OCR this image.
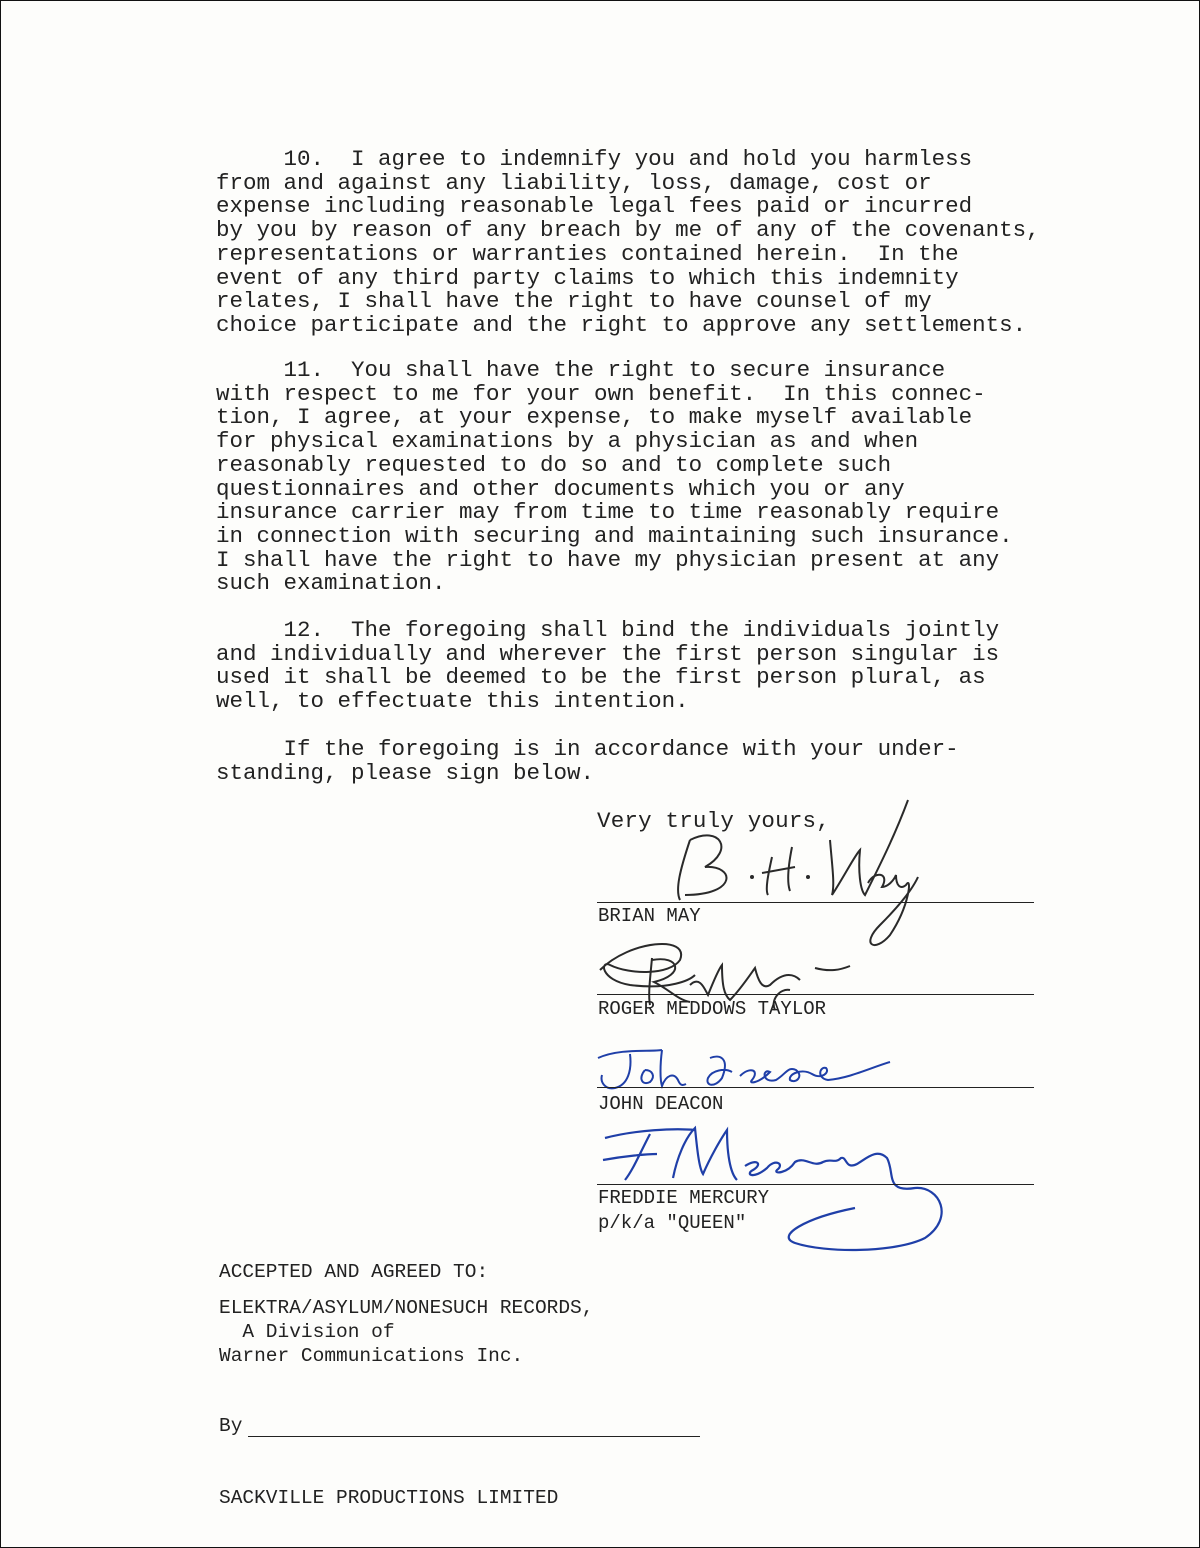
10.  I agree to indemnify you and hold you harmless
from and against any liability, loss, damage, cost or
expense including reasonable legal fees paid or incurred
by you by reason of any breach by me of any of the covenants,
representations or warranties contained herein.  In the
event of any third party claims to which this indemnity
relates, I shall have the right to have counsel of my
choice participate and the right to approve any settlements.
11.  You shall have the right to secure insurance
with respect to me for your own benefit.  In this connec-
tion, I agree, at your expense, to make myself available
for physical examinations by a physician as and when
reasonably requested to do so and to complete such
questionnaires and other documents which you or any
insurance carrier may from time to time reasonably require
in connection with securing and maintaining such insurance.
I shall have the right to have my physician present at any
such examination.
12.  The foregoing shall bind the individuals jointly
and individually and wherever the first person singular is
used it shall be deemed to be the first person plural, as
well, to effectuate this intention.
If the foregoing is in accordance with your under-
standing, please sign below.
Very truly yours,
BRIAN MAY
ROGER MEDDOWS TAYLOR
JOHN DEACON
FREDDIE MERCURY
p/k/a "QUEEN"
ACCEPTED AND AGREED TO:
ELEKTRA/ASYLUM/NONESUCH RECORDS,
A Division of
Warner Communications Inc.
By
SACKVILLE PRODUCTIONS LIMITED
